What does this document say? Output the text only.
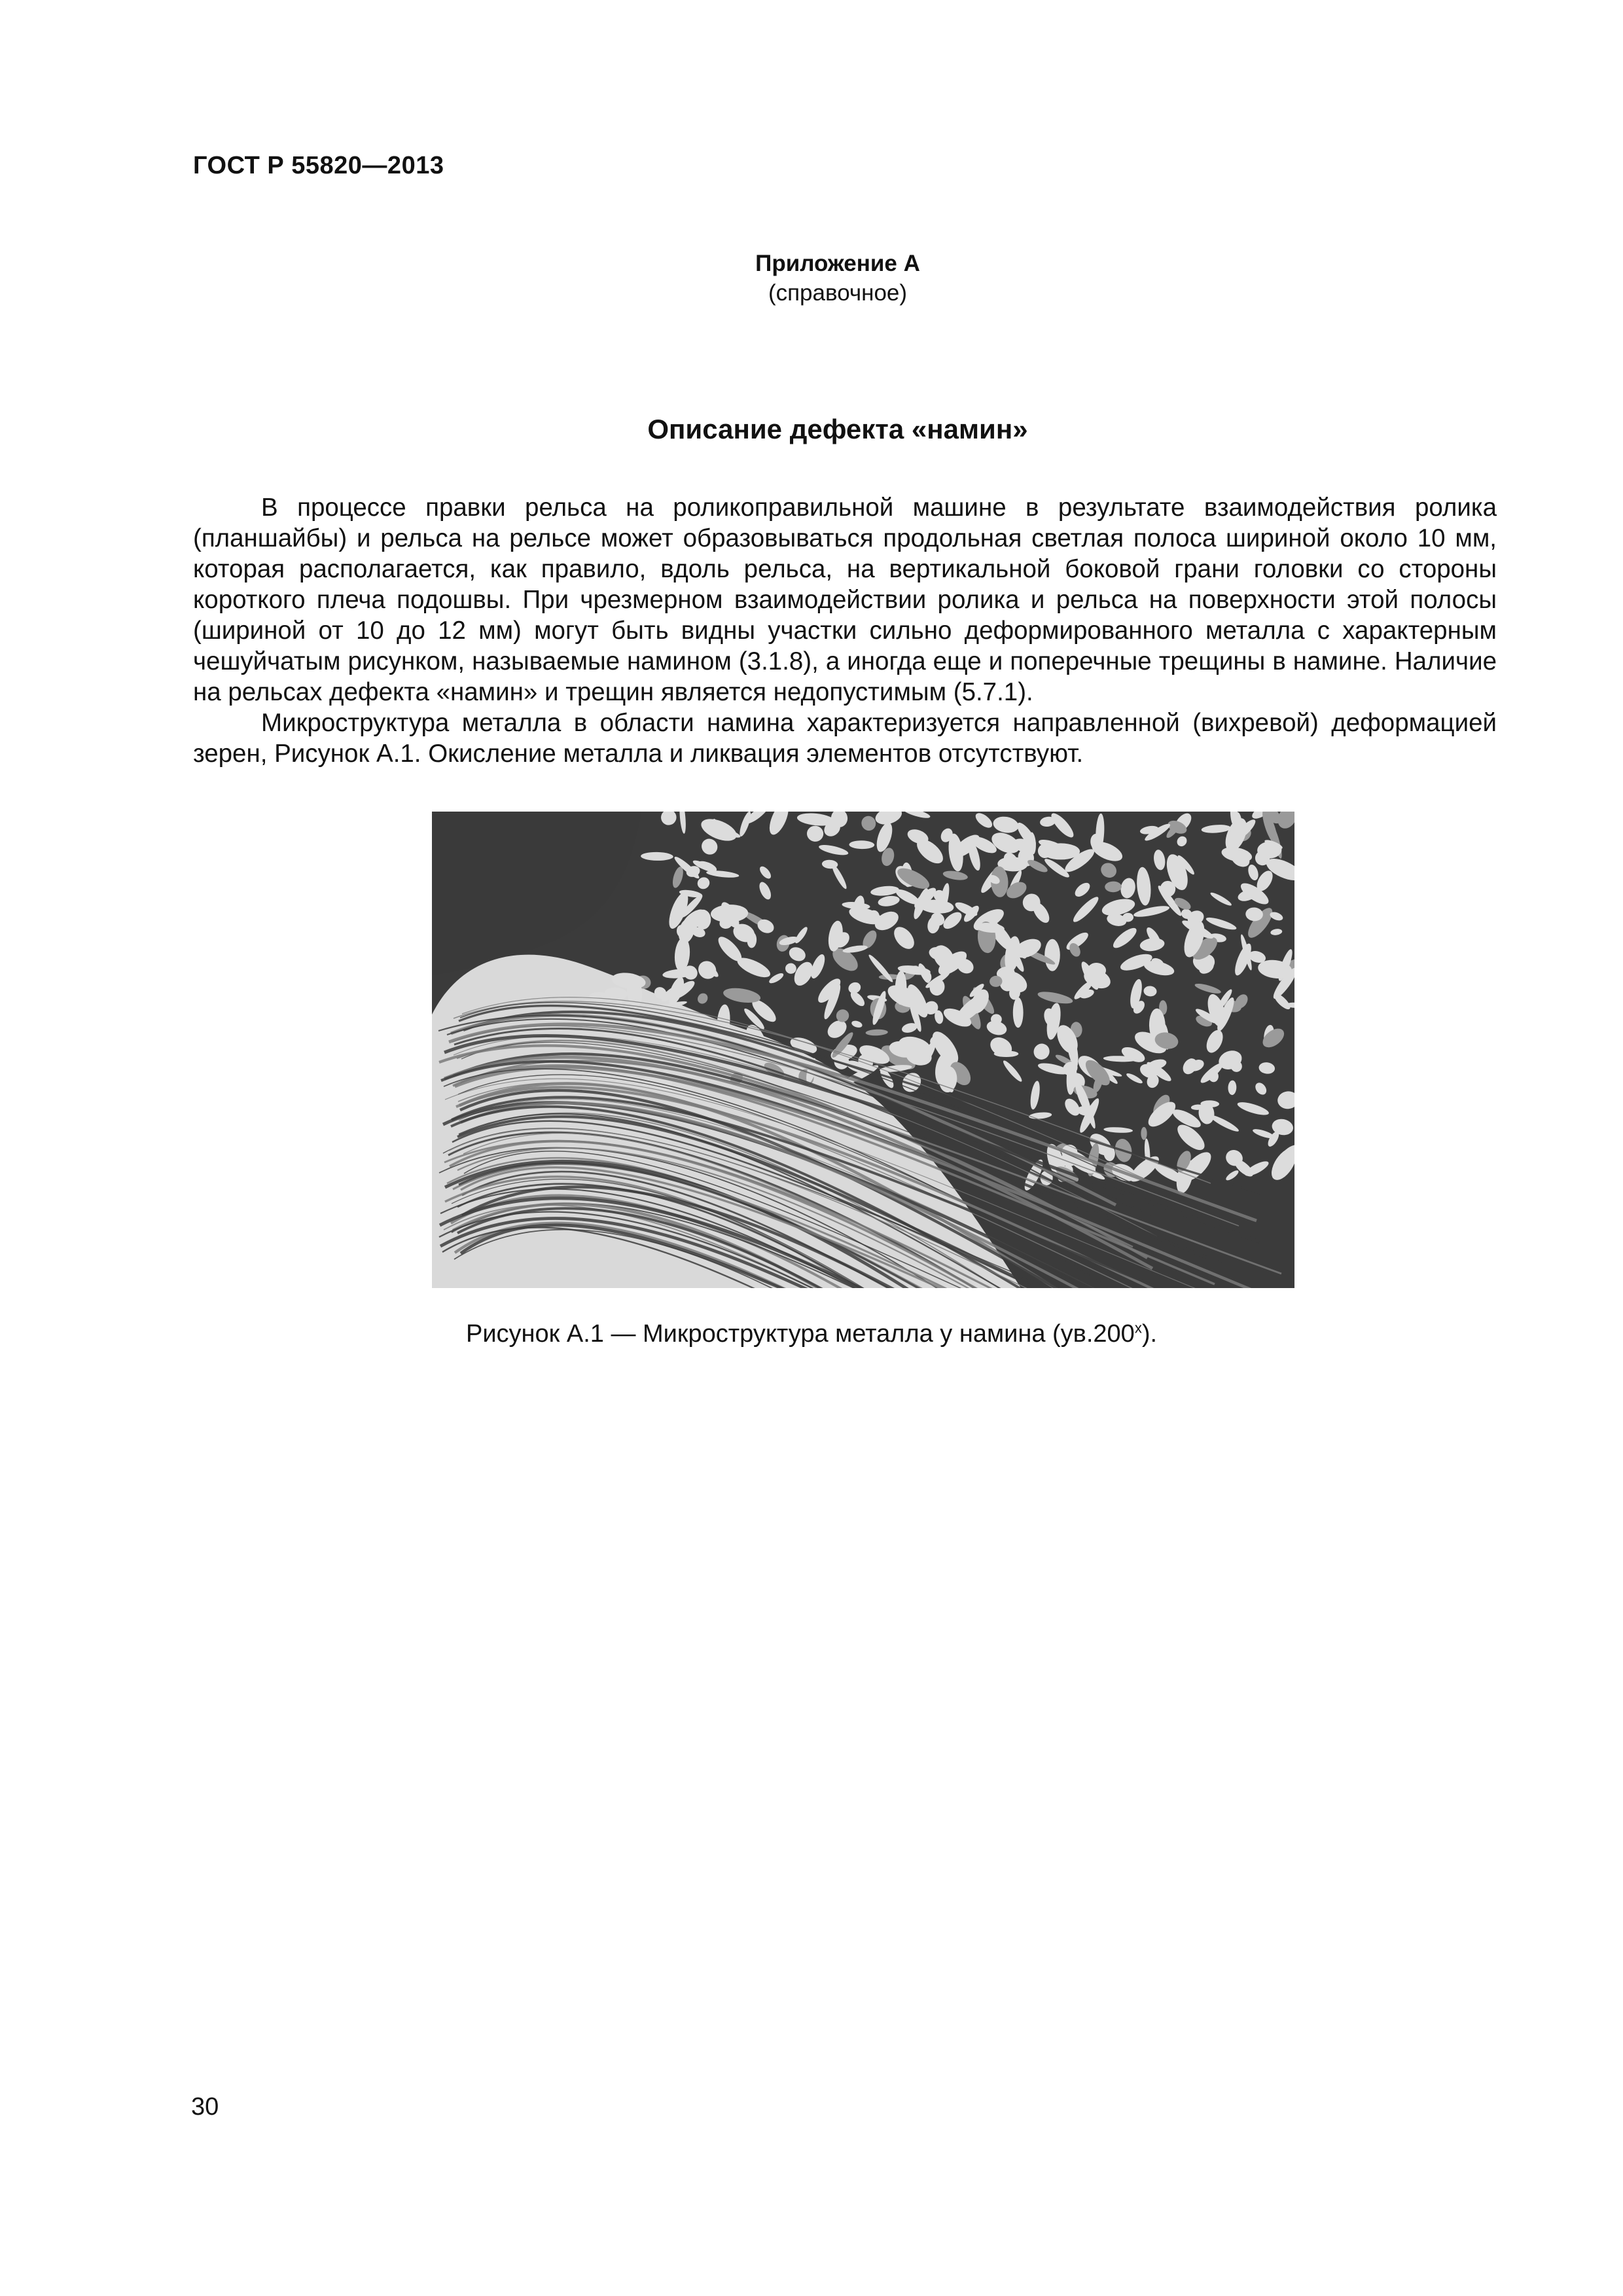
ГОСТ Р 55820—2013
Приложение А
(справочное)
Описание дефекта «намин»

В процессе правки рельса на роликоправильной машине в результате взаимодействия ролика (планшайбы) и рельса на рельсе может образовываться продольная светлая полоса шириной около 10 мм, которая располагается, как правило, вдоль рельса, на вертикальной боковой грани головки со стороны короткого плеча подошвы. При чрезмерном взаимодействии ролика и рельса на поверхности этой полосы (шириной от 10 до 12 мм) могут быть видны участки сильно деформированного металла с характерным чешуйчатым рисунком, называемые намином (3.1.8), а иногда еще и поперечные трещины в намине. Наличие на рельсах дефекта «намин» и трещин является недопустимым (5.7.1).

Микроструктура металла в области намина характеризуется направленной (вихревой) деформацией зерен, Рисунок А.1. Окисление металла и ликвация элементов отсутствуют.

Рисунок А.1 — Микроструктура металла у намина $(ув.200^х)$.
30
